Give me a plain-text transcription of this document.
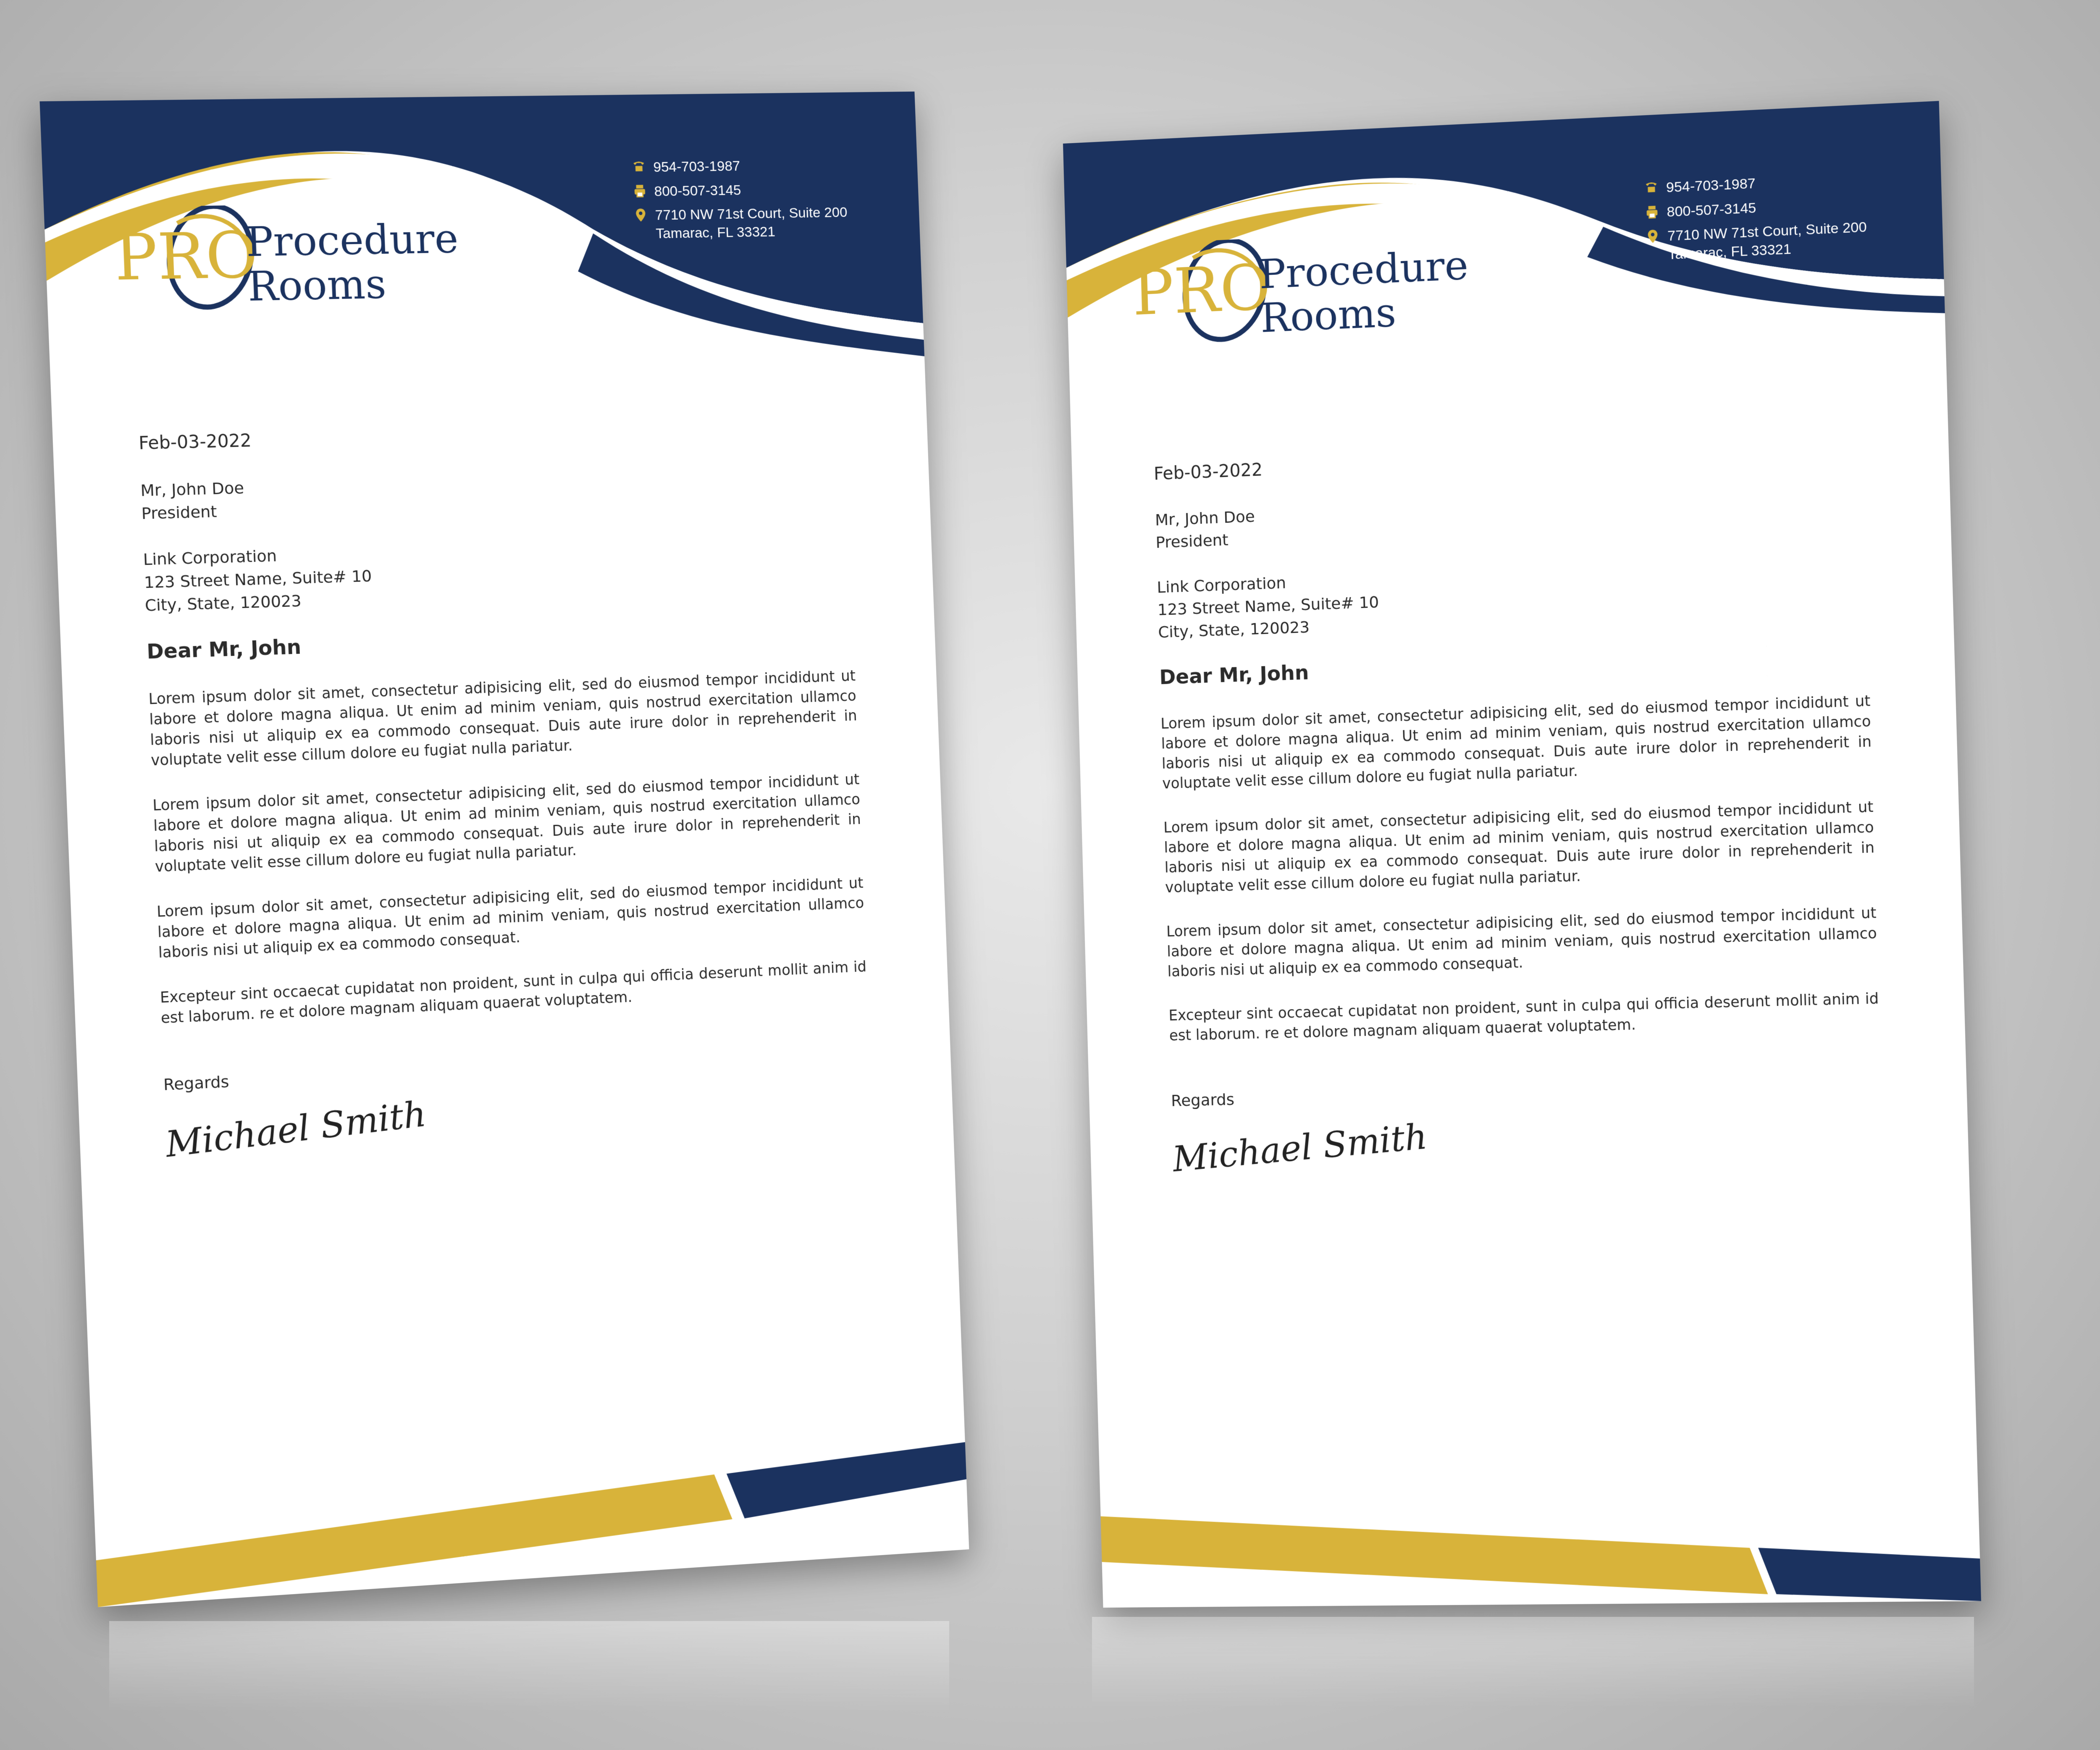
PRO
Procedure
Rooms
954-703-1987
800-507-3145
7710 NW 71st Court, Suite 200
Tamarac, FL 33321
Feb-03-2022
Mr, John Doe
President
Link Corporation
123 Street Name, Suite# 10
City, State, 120023
Dear Mr, John
Lorem ipsum dolor sit amet, consectetur adipisicing elit, sed do eiusmod tempor incididunt ut labore et dolore magna aliqua. Ut enim ad minim veniam, quis nostrud exercitation ullamco laboris nisi ut aliquip ex ea commodo consequat. Duis aute irure dolor in reprehenderit in voluptate velit esse cillum dolore eu fugiat nulla pariatur.
Lorem ipsum dolor sit amet, consectetur adipisicing elit, sed do eiusmod tempor incididunt ut labore et dolore magna aliqua. Ut enim ad minim veniam, quis nostrud exercitation ullamco laboris nisi ut aliquip ex ea commodo consequat. Duis aute irure dolor in reprehenderit in voluptate velit esse cillum dolore eu fugiat nulla pariatur.
Lorem ipsum dolor sit amet, consectetur adipisicing elit, sed do eiusmod tempor incididunt ut labore et dolore magna aliqua. Ut enim ad minim veniam, quis nostrud exercitation ullamco laboris nisi ut aliquip ex ea commodo consequat.
Excepteur sint occaecat cupidatat non proident, sunt in culpa qui officia deserunt mollit anim id est laborum. re et dolore magnam aliquam quaerat voluptatem.
Regards
Michael Smith
PRO
Procedure
Rooms
954-703-1987
800-507-3145
7710 NW 71st Court, Suite 200
Tamarac, FL 33321
Feb-03-2022
Mr, John Doe
President
Link Corporation
123 Street Name, Suite# 10
City, State, 120023
Dear Mr, John
Lorem ipsum dolor sit amet, consectetur adipisicing elit, sed do eiusmod tempor incididunt ut labore et dolore magna aliqua. Ut enim ad minim veniam, quis nostrud exercitation ullamco laboris nisi ut aliquip ex ea commodo consequat. Duis aute irure dolor in reprehenderit in voluptate velit esse cillum dolore eu fugiat nulla pariatur.
Lorem ipsum dolor sit amet, consectetur adipisicing elit, sed do eiusmod tempor incididunt ut labore et dolore magna aliqua. Ut enim ad minim veniam, quis nostrud exercitation ullamco laboris nisi ut aliquip ex ea commodo consequat. Duis aute irure dolor in reprehenderit in voluptate velit esse cillum dolore eu fugiat nulla pariatur.
Lorem ipsum dolor sit amet, consectetur adipisicing elit, sed do eiusmod tempor incididunt ut labore et dolore magna aliqua. Ut enim ad minim veniam, quis nostrud exercitation ullamco laboris nisi ut aliquip ex ea commodo consequat.
Excepteur sint occaecat cupidatat non proident, sunt in culpa qui officia deserunt mollit anim id est laborum. re et dolore magnam aliquam quaerat voluptatem.
Regards
Michael Smith
